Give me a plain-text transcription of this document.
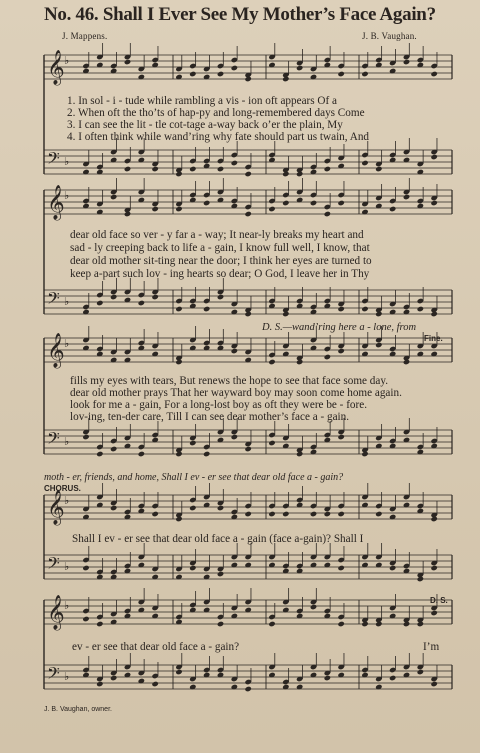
No. 46. Shall I Ever See My Mother’s Face Again?
J. Mappens.	J. B. Vaughan.
𝄞 ♭
𝄢 ♭
𝄞 ♭
𝄢 ♭
𝄞 ♭
𝄢 ♭
𝄞 ♭
𝄢 ♭
𝄞 ♭
𝄢 ♭
1. In sol - i - tude while rambling a vis - ion oft appears Of a
2. When oft the tho’ts of hap-py and long-remembered days Come
3. I can see the lit - tle cot-tage a-way back o’er the plain, My
4. I often think while wand’ring why fate should part us twain, And
dear old face so ver - y far a - way; It near-ly breaks my heart and
sad - ly creeping back to life a - gain, I know full well, I know, that
dear old mother sit-ting near the door; I think her eyes are turned to
keep a-part such lov - ing hearts so dear; O God, I leave her in Thy
D. S.—wand’ring here a - lone, from
Fine.
fills my eyes with tears, But renews the hope to see that face some day.
dear old mother prays That her wayward boy may soon come home again.
look for me a - gain, For a long-lost boy as oft they were be - fore.
lov-ing, ten-der care, Till I can see dear mother’s face a - gain.
moth - er, friends, and home, Shall I ev - er see that dear old face a - gain?
CHORUS.
Shall I ev - er see that dear old face a - gain (face a-gain)? Shall I
ev - er see that dear old face a - gain?	I’m
D. S.
J. B. Vaughan, owner.
